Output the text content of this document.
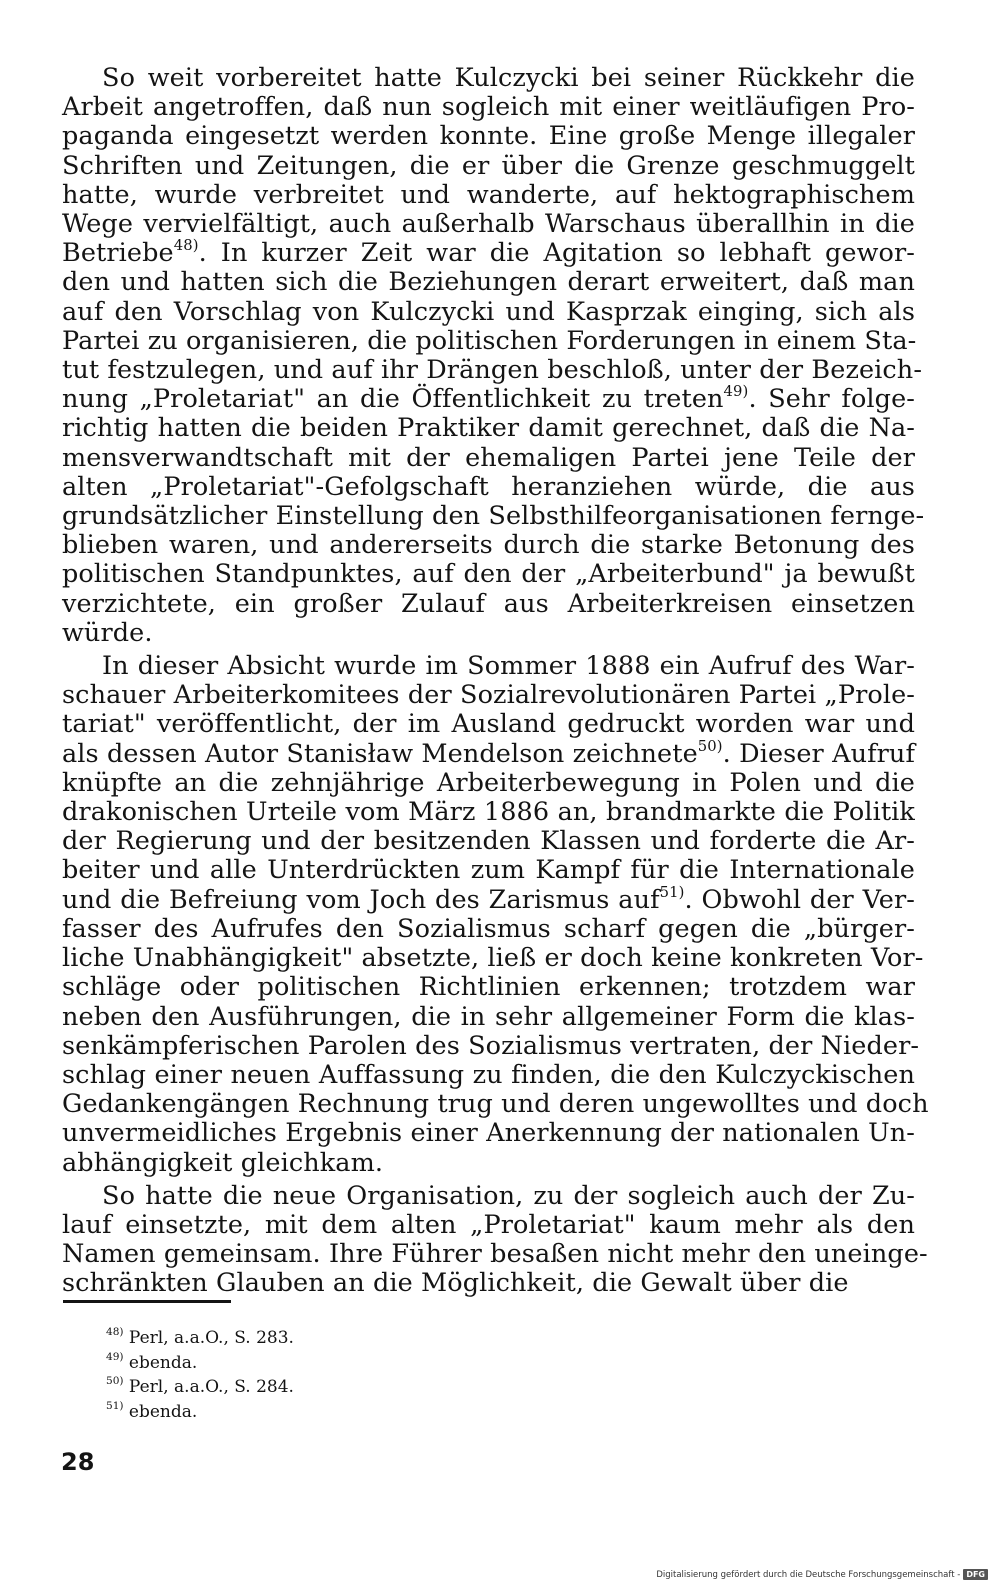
So weit vorbereitet hatte Kulczycki bei seiner Rückkehr die
Arbeit angetroffen, daß nun sogleich mit einer weitläufigen Pro-
paganda eingesetzt werden konnte. Eine große Menge illegaler
Schriften und Zeitungen, die er über die Grenze geschmuggelt
hatte, wurde verbreitet und wanderte, auf hektographischem
Wege vervielfältigt, auch außerhalb Warschaus überallhin in die
Betriebe$^{48)}$. In kurzer Zeit war die Agitation so lebhaft gewor-
den und hatten sich die Beziehungen derart erweitert, daß man
auf den Vorschlag von Kulczycki und Kasprzak einging, sich als
Partei zu organisieren, die politischen Forderungen in einem Sta-
tut festzulegen, und auf ihr Drängen beschloß, unter der Bezeich-
nung „Proletariat" an die Öffentlichkeit zu treten$^{49)}$. Sehr folge-
richtig hatten die beiden Praktiker damit gerechnet, daß die Na-
mensverwandtschaft mit der ehemaligen Partei jene Teile der
alten „Proletariat"-Gefolgschaft heranziehen würde, die aus
grundsätzlicher Einstellung den Selbsthilfeorganisationen fernge-
blieben waren, und andererseits durch die starke Betonung des
politischen Standpunktes, auf den der „Arbeiterbund" ja bewußt
verzichtete, ein großer Zulauf aus Arbeiterkreisen einsetzen
würde.
In dieser Absicht wurde im Sommer 1888 ein Aufruf des War-
schauer Arbeiterkomitees der Sozialrevolutionären Partei „Prole-
tariat" veröffentlicht, der im Ausland gedruckt worden war und
als dessen Autor Stanisław Mendelson zeichnete$^{50)}$. Dieser Aufruf
knüpfte an die zehnjährige Arbeiterbewegung in Polen und die
drakonischen Urteile vom März 1886 an, brandmarkte die Politik
der Regierung und der besitzenden Klassen und forderte die Ar-
beiter und alle Unterdrückten zum Kampf für die Internationale
und die Befreiung vom Joch des Zarismus auf$^{51)}$. Obwohl der Ver-
fasser des Aufrufes den Sozialismus scharf gegen die „bürger-
liche Unabhängigkeit" absetzte, ließ er doch keine konkreten Vor-
schläge oder politischen Richtlinien erkennen; trotzdem war
neben den Ausführungen, die in sehr allgemeiner Form die klas-
senkämpferischen Parolen des Sozialismus vertraten, der Nieder-
schlag einer neuen Auffassung zu finden, die den Kulczyckischen
Gedankengängen Rechnung trug und deren ungewolltes und doch
unvermeidliches Ergebnis einer Anerkennung der nationalen Un-
abhängigkeit gleichkam.
So hatte die neue Organisation, zu der sogleich auch der Zu-
lauf einsetzte, mit dem alten „Proletariat" kaum mehr als den
Namen gemeinsam. Ihre Führer besaßen nicht mehr den uneinge-
schränkten Glauben an die Möglichkeit, die Gewalt über die
$^{48)}$ Perl, a.a.O., S. 283.
$^{49)}$ ebenda.
$^{50)}$ Perl, a.a.O., S. 284.
$^{51)}$ ebenda.
28
Digitalisierung gefördert durch die Deutsche Forschungsgemeinschaft - DFG
